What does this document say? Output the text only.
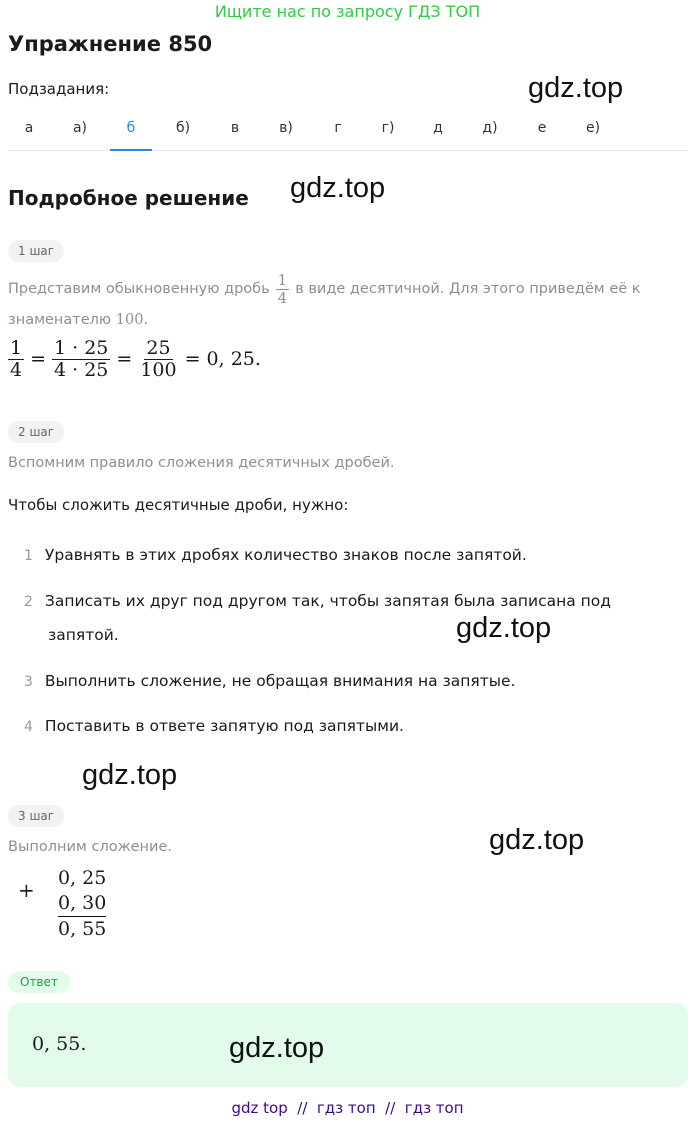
Ищите нас по запросу ГДЗ ТОП
Упражнение 850
Подзадания:	gdz.top
а	а)	б	б)	в	в)	г	г)	д	д)	е	е)
Подробное решение gdz.top
1 шаг
Представим обыкновенную дробь $\frac{1}{4}$ в виде десятичной. Для этого приведём её к
знаменателю 100.
$\frac{1}{4} = \frac{1 \cdot 25}{4 \cdot 25} = \frac{25}{100} = 0$, 25.
2 шаг
Вспомним правило сложения десятичных дробей.
Чтобы сложить десятичные дроби, нужно:
1 Уравнять в этих дробях количество знаков после запятой.
2 Записать их друг под другом так, чтобы запятая была записана под
запятой.
3 Выполнить сложение, не обращая внимания на запятые.
4 Поставить в ответе запятую под запятыми.
gdz.top
gdz.top
3 шаг
Выполним сложение.	gdz.top
+ 0, 25
0, 30
0, 55
Ответ
0, 55.	gdz.top
gdz top  //  гдз топ  //  гдз топ
